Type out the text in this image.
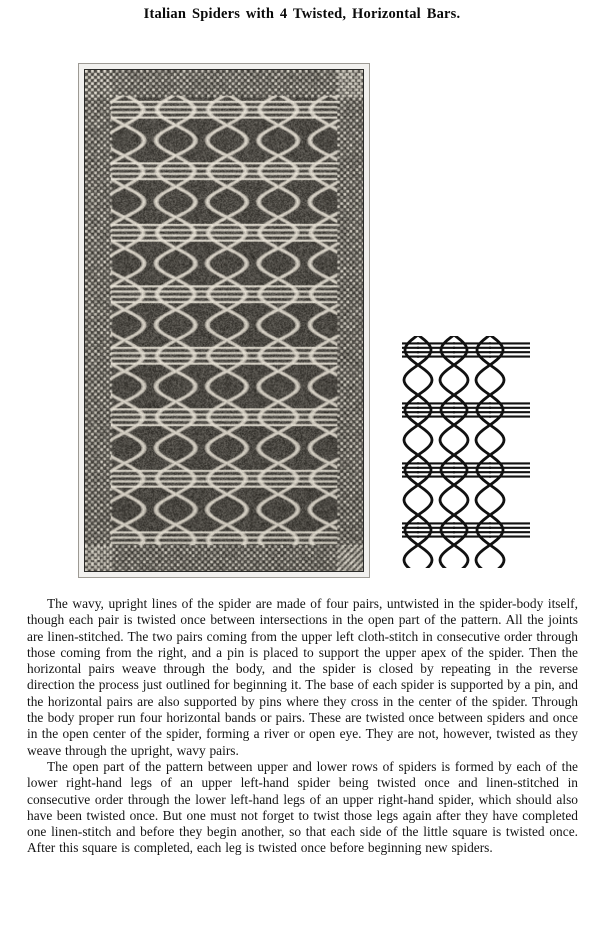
Italian Spiders with 4 Twisted, Horizontal Bars.

The wavy, upright lines of the spider are made of four pairs, untwisted in the spider-body itself, though each pair is twisted once between intersections in the open part of the pattern. All the joints are linen-stitched. The two pairs coming from the upper left cloth-stitch in consecutive order through those coming from the right, and a pin is placed to support the upper apex of the spider. Then the horizontal pairs weave through the body, and the spider is closed by repeating in the reverse direction the process just outlined for beginning it. The base of each spider is supported by a pin, and the horizontal pairs are also supported by pins where they cross in the center of the spider. Through the body proper run four horizontal bands or pairs. These are twisted once between spiders and once in the open center of the spider, forming a river or open eye. They are not, however, twisted as they weave through the upright, wavy pairs.

The open part of the pattern between upper and lower rows of spiders is formed by each of the lower right-hand legs of an upper left-hand spider being twisted once and linen-stitched in consecutive order through the lower left-hand legs of an upper right-hand spider, which should also have been twisted once. But one must not forget to twist those legs again after they have completed one linen-stitch and before they begin another, so that each side of the little square is twisted once. After this square is completed, each leg is twisted once before beginning new spiders.
